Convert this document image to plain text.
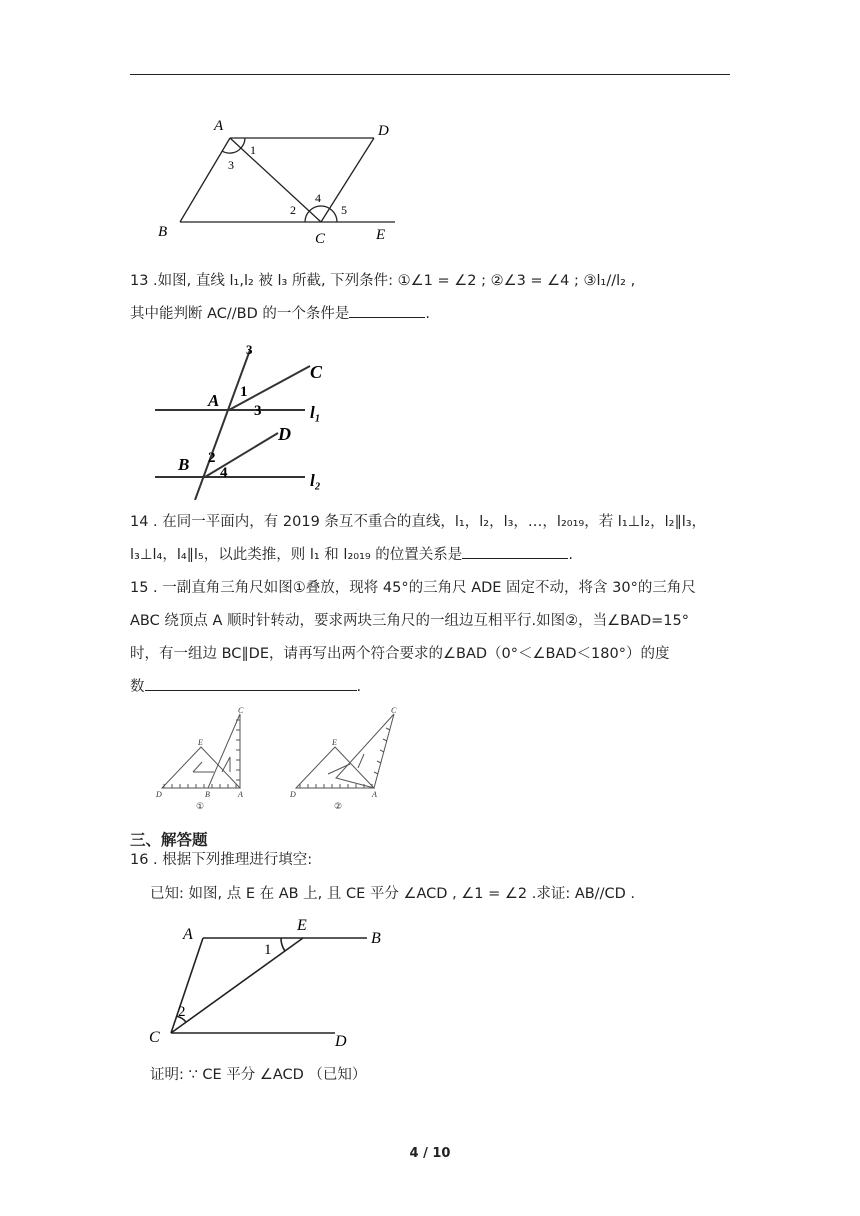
A	D
B	C	E
1
3
2
4
5
13 .如图, 直线 l₁,l₂ 被 l₃ 所截, 下列条件: ①∠1 = ∠2 ; ②∠3 = ∠4 ; ③l₁//l₂ ,
其中能判断 AC//BD 的一个条件是	.
3
C
A 1
3	l₁
D
B 2
4	l₂
14 . 在同一平面内，有 2019 条互不重合的直线，l₁，l₂，l₃，…，l₂₀₁₉，若 l₁⊥l₂，l₂∥l₃，
l₃⊥l₄，l₄∥l₅，以此类推，则 l₁ 和 l₂₀₁₉ 的位置关系是	.
15 . 一副直角三角尺如图①叠放，现将 45°的三角尺 ADE 固定不动，将含 30°的三角尺
ABC 绕顶点 A 顺时针转动，要求两块三角尺的一组边互相平行.如图②，当∠BAD=15°
时，有一组边 BC∥DE，请再写出两个符合要求的∠BAD（0°＜∠BAD＜180°）的度
数	.
C
E
D	B	A
C
E
D	A
①	②
三、解答题
16 . 根据下列推理进行填空:
已知: 如图, 点 E 在 AB 上, 且 CE 平分 ∠ACD , ∠1 = ∠2 .求证: AB//CD .
A
E
B
C	D
1
2
证明: ∵ CE 平分 ∠ACD （已知）
4 / 10
